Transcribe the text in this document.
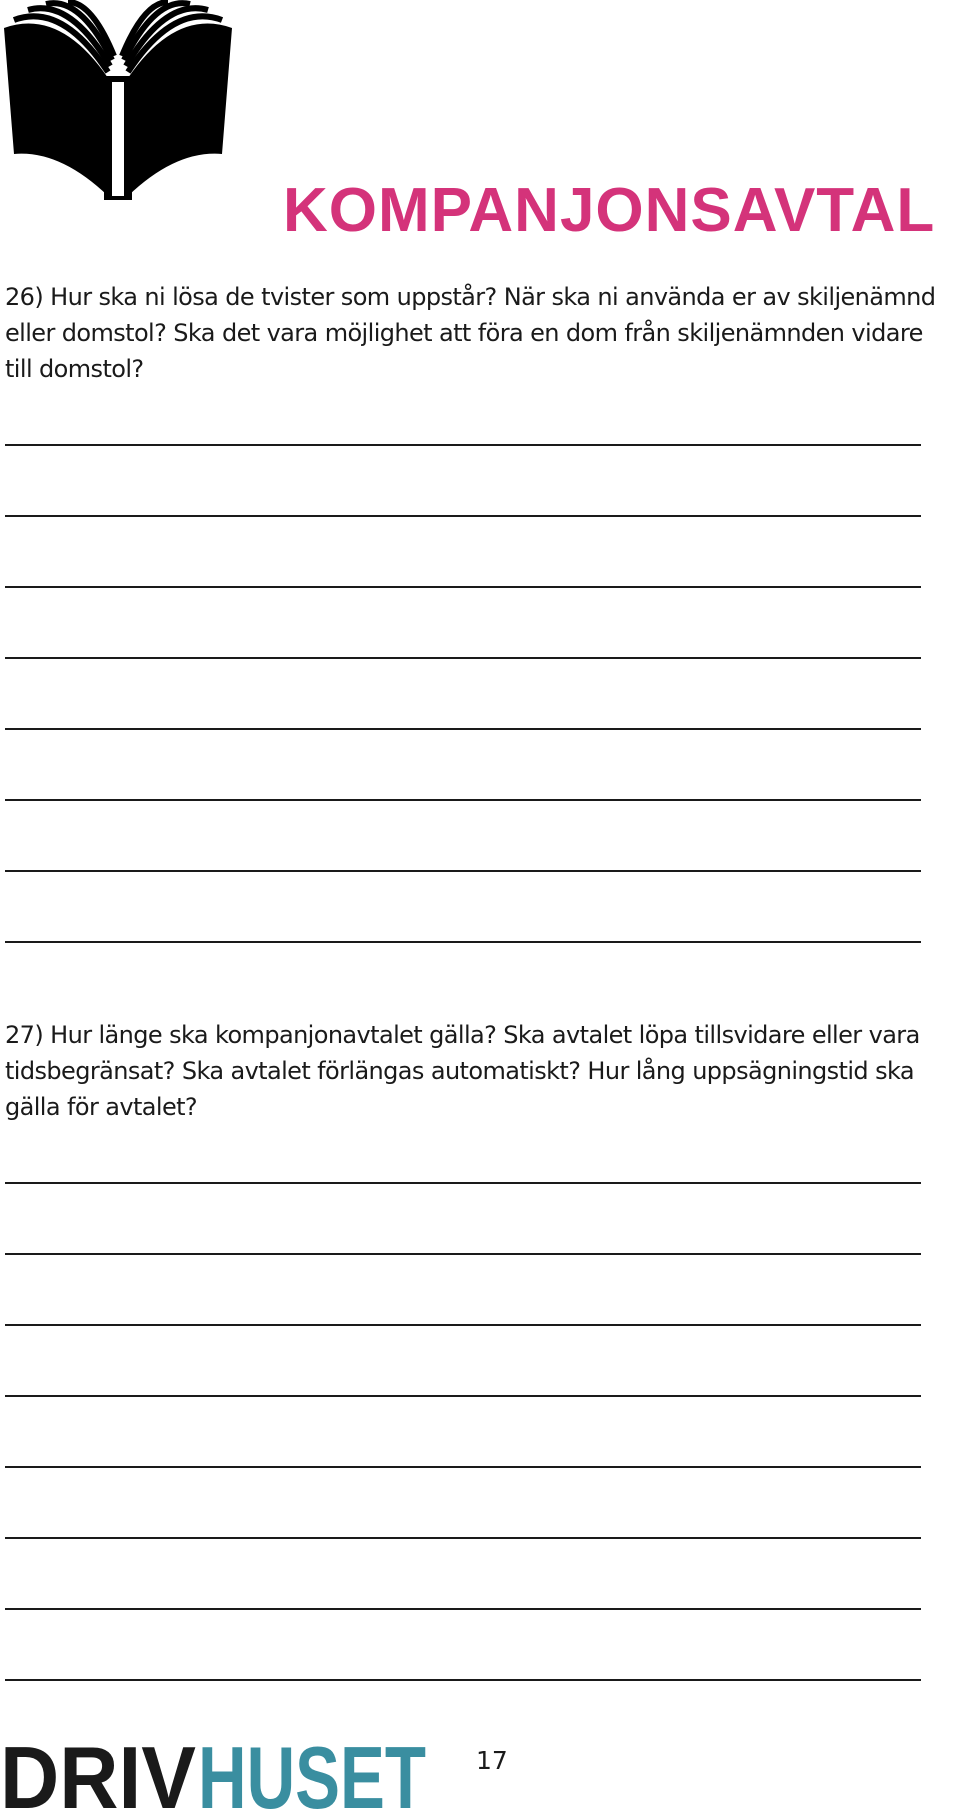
KOMPANJONSAVTAL

26) Hur ska ni lösa de tvister som uppstår? När ska ni använda er av skiljenämnd eller domstol? Ska det vara möjlighet att föra en dom från skiljenämnden vidare till domstol?

27) Hur länge ska kompanjonavtalet gälla? Ska avtalet löpa tillsvidare eller vara tidsbegränsat? Ska avtalet förlängas automatiskt? Hur lång uppsägningstid ska gälla för avtalet?

DRIV HUSET 17
